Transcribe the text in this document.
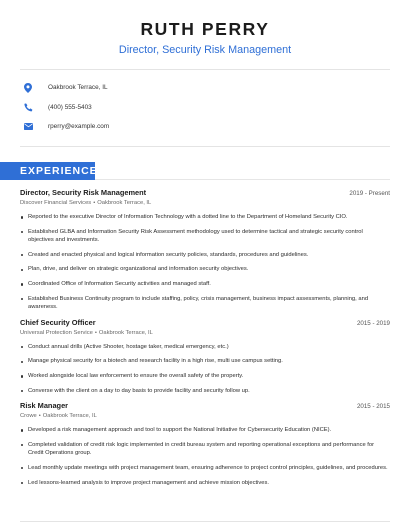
RUTH PERRY
Director, Security Risk Management
Oakbrook Terrace, IL
(400) 555-5403
rperry@example.com
EXPERIENCE
Director, Security Risk Management	2019 - Present
Discover Financial Services • Oakbrook Terrace, IL
Reported to the executive Director of Information Technology with a dotted line to the Department of Homeland Security CIO.
Established GLBA and Information Security Risk Assessment methodology used to determine tactical and strategic security control objectives and investments.
Created and enacted physical and logical information security policies, standards, procedures and guidelines.
Plan, drive, and deliver on strategic organizational and information security objectives.
Coordinated Office of Information Security activities and managed staff.
Established Business Continuity program to include staffing, policy, crisis management, business impact assessments, planning, and awareness.
Chief Security Officer	2015 - 2019
Universal Protection Service • Oakbrook Terrace, IL
Conduct annual drills (Active Shooter, hostage taker, medical emergency, etc.)
Manage physical security for a biotech and research facility in a high rise, multi use campus setting.
Worked alongside local law enforcement to ensure the overall safety of the property.
Converse with the client on a day to day basis to provide facility and security follow up.
Risk Manager	2015 - 2015
Crowe • Oakbrook Terrace, IL
Developed a risk management approach and tool to support the National Initiative for Cybersecurity Education (NICE).
Completed validation of credit risk logic implemented in credit bureau system and reporting operational exceptions and performance for Credit Operations group.
Lead monthly update meetings with project management team, ensuring adherence to project control principles, guidelines, and procedures.
Led lessons-learned analysis to improve project management and achieve mission objectives.
